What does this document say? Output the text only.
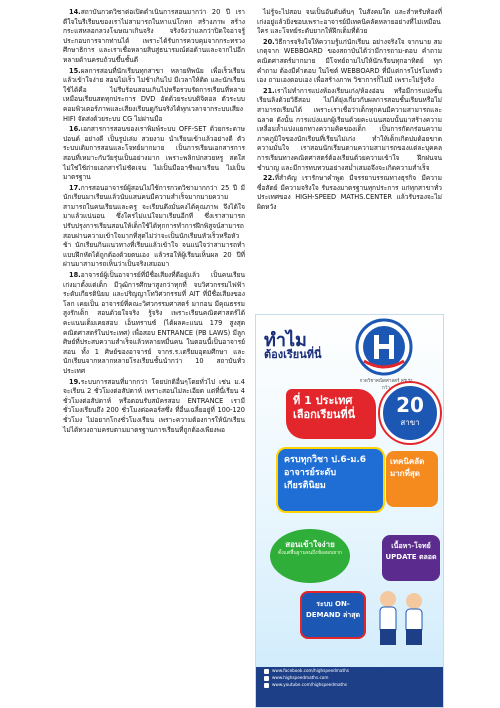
14.สถาบันกวดวิชาต่อเปิดดำเนินการสอนมากว่า 20 ปี เราดีใจในรีเรียนของเราไม่สามารถในหาแน่โกหก สร้างภาพ สร้างกระแสหลอกลวงโฆษณาเกินจริง จริงจังว่าแลกว่าปิดใจอาจรู้ประกอบการจากท่านได้ เพราะได้รับการควบคุมจากกระทรวงศึกษาธิการ และเราเชื่อหลายสิบสู่ธนารมณ์ต่อด้านและจากไปอีกหลายด้านครบถ้วนขึ้นชั้นดี

15.ผลการสอนที่นักเรียนทุกสาขา หลายทิพนัย เพื่อเร็วเรียนแล้วเข้าใจง่าย สอนไม่เร็ว ไม่ช้าเกินไป มีเวลาให้ติด และนักเรียนใช้ได้คือ ไม่รีบร้อนสอนเกินไปหรือรวบรัดการเรียนที่หลาย เหมือนเรียนสดทุกประการ DVD อัดด้วยระบบดิจิตอล ตัวระบบคอมพิวเตอร์ภาพและเสียงเรียนดูกันจริงได้ทุกเวลาจากระบบเสียง HIFI จัดส่งด้วยระบบ CG ไม่ผ่านมือ

16.เอกสารการสอนของเราพิมพ์ระบบ OFF-SET ด้วยกระดาษปอนด์ อย่างดี เป็นรูปเล่ม สวยงาม นำเรียนเข้าแล้วอย่างดี ตัวระบบเดิมการสอนและโจทย์มากมาย เป็นการเรียนเอกสารการสอนที่เหมาะกับวัยรุ่นเป็นอย่างมาก เพราะพลิกปกสวยหรู สดใส ไม่ใช่ใช้ถ่ายเอกสารไม่ชัดเจน ไม่เป็นมืออาชีพมาเรียน ไม่เป็นมาตรฐาน

17.การสอนอาจารย์ผู้สอนไม่ใช้การกวดวิชามากกว่า 25 ปี มีนักเรียนมาเรียนแล้วนับแสนคนมีความสำเร็จมากมายความสามารถในคนเรียนและครู จะเรียนดึงมั่นคงได้คุณภาพ จึงได้ใจมาแล้วแน่นอน ซึ่งใครไม่แน่ใจมาเรียนอีกที ซึ่งเราสามารถปรับปรุงการเรียนสอนให้เด็กใช้ได้ทุกการทำการฝึกพิสูจน์สามารถสอบผ่านความเข้าใจมากที่สุดไม่ว่าจะเป็นนักเรียนหัวเร็วหรือหัวช้า นักเรียนกินแนวทางที่เรียนแล้วเข้าใจ จนแน่ใจว่าสามารถทำแบบฝึกหัดได้ถูกต้องด้วยตนเอง แล้วรอให้ผู้เรียนเห็นผล 20 ปีที่ผ่านมาสามารถเห็นว่าเป็นจริงเสมอมา

18.อาจารย์ผู้เป็นอาจารย์ที่มีชื่อเสียงที่ดีอยู่แล้ว เป็นคนเรียนเก่งมาตั้งแต่เด็ก มีวุฒิการศึกษาสูงกว่าทุกที่ จบวิศวกรรมไฟฟ้า ระดับเกียรตินิยม และปริญญาโทวิศวกรรมที่ AIT ที่มีชื่อเสียงของโลก เคยเป็น อาจารย์ที่คณะวิศวกรรมศาสตร์ มากอน มีคุณธรรมสูงรักเด็ก สอนด้วยใจจริง รู้จริง เพราะเรียนคณิตศาสตร์ได้คะแนนเต็มเคยสอบ เอ็นทรานซ์ (ได้ผลคะแนน 179 สูงสุดคณิตศาสตร์ในประเทศ) เพื่อสอบ ENTRANCE (PB LAWS) มีลูกศิษย์ที่ประสบความสำเร็จแล้วหลายหมื่นคน ในตอนนี้เป็นอาจารย์สอน ทั้ง 1 ศิษย์ของอาจารย์ จากร.ร.เตรียมอุดมศึกษา และนักเรียนจากหลากหลายโรงเรียนชั้นนำกว่า 10 สถาบันทั่วประเทศ

19.ระบบการสอนที่มากกว่า โดยปกติอื่นๆโดยทั่วไป เช่น ม.4 จะเรียน 2 ชั่วโมงต่อสัปดาห์ เพราะสอนไม่ละเอียด แต่ที่นี่เรียน 4 ชั่วโมงต่อสัปดาห์ หรือตอนรับสมัครสอบ ENTRANCE เรามีชั่วโมงเรียนถึง 200 ชั่วโมงต่อคอร์สซึ่ง ที่อื่นเฉลี่ยอยู่ที่ 100-120 ชั่วโมง ไม่อยากโกงชั่วโมงเรียน เพราะความต้องการให้นักเรียนไม่ได้ทวงถามครบตามมาตรฐานการเรียนที่ถูกต้องเพียงพอ

ไม่รู้จะไปสอบ จนเป็นอันดับต้นๆ ในสังคมใด และสำหรับท้องที่เก่งอยู่แล้วยิ่งชอบเพราะอาจารย์มีเทคนิคลัดหลายอย่างที่ไม่เหมือนใคร และโจทย์ระดับยากให้ฝึกเต็มที่ด้วย

20.วิธีการจริงใจให้ความรู้แก่นักเรียน อย่างจริงใจ จากนาย สมเกตุจาก WEBBOARD ของสถาบันได้ว่ามีการถาม-ตอบ คำถามคณิตศาสตร์มากมาย มีโจทย์ถามไปให้นักเรียนทุกอาทิตย์ ทุกคำถาม ต้องมีคำตอบ ในไซต์ WEBBOARD ที่มีแต่การโปรโมทตัวเอง ถามเองตอบเอง เพื่อสร้างภาพ วิชาการก็ไม่มี เพราะไม่รู้จริง

21.เราไม่ทำการแบ่งห้องเรียนเก่ง/ห้องอ่อน หรือมีการแบ่งชั้นเรียนลิงด้วยวิธีสอบ ไม่ได้ยุ่งเกี่ยวกับผลการสอบชั้นเรียนหรือไม่สามารถเรียนได้ เพราะเราเชื่อว่าเด็กทุกคนมีความสามารถและฉลาด ดังนั้น การแบ่งแยกผู้เรียนด้วยคะแนนสอบนั้นมาสร้างความเหลื่อมล้ำแบ่งแยกทางความคิดของเด็ก เป็นการกัดกร่อนความภาคภูมิใจของนักเรียนที่เรียนไม่เก่ง ทำให้เด็กเกิดปมด้อยขาดความมั่นใจ เราสอนนักเรียนตามความสามารถของแต่ละบุคคล การเรียนทางคณิตศาสตร์ต้องเรียนด้วยความเข้าใจ ฝึกฝนจนชำนาญ และมีการทบทวนอย่างสม่ำเสมอจึงจะเกิดความสำเร็จ

22.ที่สำคัญ เรารักษาคำพูด มีจรรยาบรรณทางธุรกิจ มีความซื่อสัตย์ มีความจริงใจ รับรองมาตรฐานทุกประการ แก่ทุกสาขาทั่วประเทศของ HIGH-SPEED MATHS.CENTER แล้วรับรองจะไม่ผิดหวัง

ทำไม
ต้องเรียนที่นี่
กวดวิชาคณิตศาสตร์ ครูเร่งกว้า
ที่ 1 ประเทศ เลือกเรียนที่นี่	20
สาขา
ครบทุกวิชา ป.6-ม.6 อาจารย์ระดับเกียรตินิยม
เทคนิคลัด มากที่สุด
สอนเข้าใจง่าย
ตั้งแต่พื้นฐานจนถึงข้อสอบยาก
เนื้อหา-โจทย์ UPDATE ตลอด
ระบบ ON-DEMAND ล่าสุด
www.facebook.com/highspeedmaths
www.highspeedmaths.com
www.youtube.com/highspeedmaths
